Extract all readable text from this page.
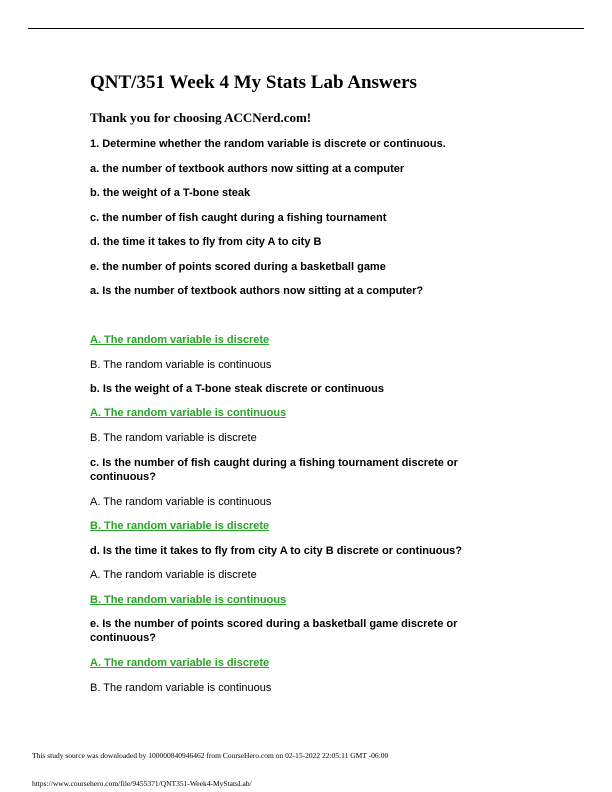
QNT/351 Week 4 My Stats Lab Answers
Thank you for choosing ACCNerd.com!
1. Determine whether the random variable is discrete or continuous.
a. the number of textbook authors now sitting at a computer
b. the weight of a T-bone steak
c. the number of fish caught during a fishing tournament
d. the time it takes to fly from city A to city B
e. the number of points scored during a basketball game
a. Is the number of textbook authors now sitting at a computer?
A. The random variable is discrete
B. The random variable is continuous
b. Is the weight of a T-bone steak discrete or continuous
A. The random variable is continuous
B. The random variable is discrete
c. Is the number of fish caught during a fishing tournament discrete or
continuous?
A. The random variable is continuous
B. The random variable is discrete
d. Is the time it takes to fly from city A to city B discrete or continuous?
A. The random variable is discrete
B. The random variable is continuous
e. Is the number of points scored during a basketball game discrete or
continuous?
A. The random variable is discrete
B. The random variable is continuous
This study source was downloaded by 100000840946462 from CourseHero.com on 02-15-2022 22:05:11 GMT -06:00
https://www.coursehero.com/file/9455371/QNT351-Week4-MyStatsLab/
